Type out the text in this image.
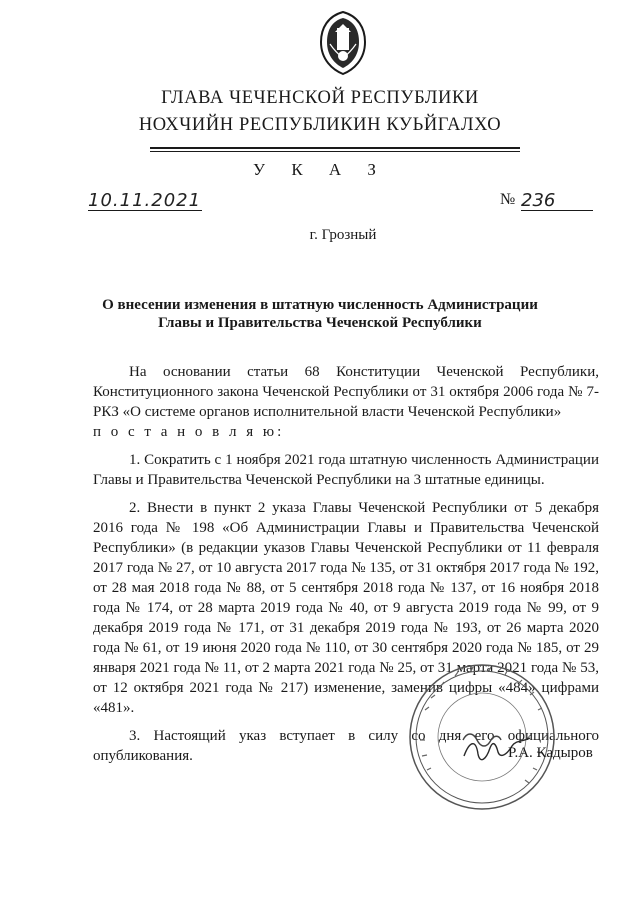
ГЛАВА ЧЕЧЕНСКОЙ РЕСПУБЛИКИ
НОХЧИЙН РЕСПУБЛИКИН КУЬЙГАЛХО
У К А З
10.11.2021	№ 236
г. Грозный
О внесении изменения в штатную численность Администрации
Главы и Правительства Чеченской Республики

На основании статьи 68 Конституции Чеченской Республики, Конституционного закона Чеченской Республики от 31 октября 2006 года № 7-РКЗ «О системе органов исполнительной власти Чеченской Республики»

п о с т а н о в л я ю:

1. Сократить с 1 ноября 2021 года штатную численность Администрации Главы и Правительства Чеченской Республики на 3 штатные единицы.

2. Внести в пункт 2 указа Главы Чеченской Республики от 5 декабря 2016 года № 198 «Об Администрации Главы и Правительства Чеченской Республики» (в редакции указов Главы Чеченской Республики от 11 февраля 2017 года № 27, от 10 августа 2017 года № 135, от 31 октября 2017 года № 192, от 28 мая 2018 года № 88, от 5 сентября 2018 года № 137, от 16 ноября 2018 года № 174, от 28 марта 2019 года № 40, от 9 августа 2019 года № 99, от 9 декабря 2019 года № 171, от 31 декабря 2019 года № 193, от 26 марта 2020 года № 61, от 19 июня 2020 года № 110, от 30 сентября 2020 года № 185, от 29 января 2021 года № 11, от 2 марта 2021 года № 25, от 31 марта 2021 года № 53, от 12 октября 2021 года № 217) изменение, заменив цифры «484» цифрами «481».

3. Настоящий указ вступает в силу со дня его официального опубликования.	Р.А. Кадыров
